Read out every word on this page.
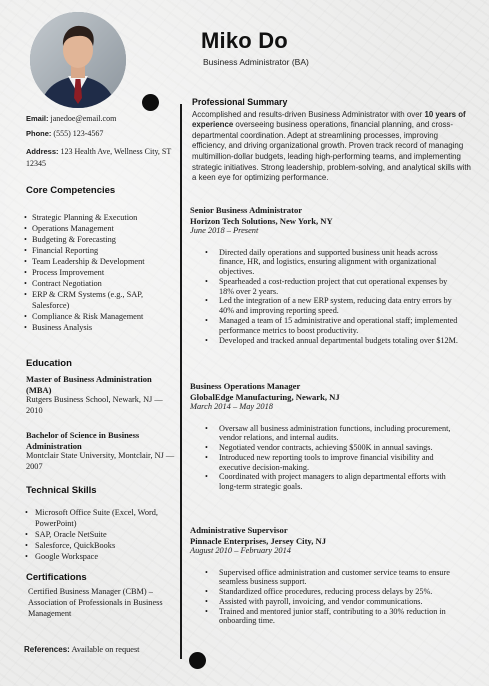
Miko Do
Business Administrator (BA)
Email: janedoe@email.com
Phone: (555) 123-4567
Address: 123 Health Ave, Wellness City, ST 12345
Core Competencies
• Strategic Planning & Execution
• Operations Management
• Budgeting & Forecasting
• Financial Reporting
• Team Leadership & Development
• Process Improvement
• Contract Negotiation
• ERP & CRM Systems (e.g., SAP, Salesforce)
• Compliance & Risk Management
• Business Analysis
Education
Master of Business Administration (MBA)
Rutgers Business School, Newark, NJ — 2010
Bachelor of Science in Business Administration
Montclair State University, Montclair, NJ — 2007
Technical Skills
• Microsoft Office Suite (Excel, Word, PowerPoint)
• SAP, Oracle NetSuite
• Salesforce, QuickBooks
• Google Workspace
Certifications
Certified Business Manager (CBM) – Association of Professionals in Business Management
References: Available on request
Professional Summary

Accomplished and results-driven Business Administrator with over 10 years of experience overseeing business operations, financial planning, and cross-departmental coordination. Adept at streamlining processes, improving efficiency, and driving organizational growth. Proven track record of managing multimillion-dollar budgets, leading high-performing teams, and implementing strategic initiatives. Strong leadership, problem-solving, and analytical skills with a keen eye for optimizing performance.

Senior Business Administrator
Horizon Tech Solutions, New York, NY
June 2018 – Present
• Directed daily operations and supported business unit heads across finance, HR, and logistics, ensuring alignment with organizational objectives.
• Spearheaded a cost-reduction project that cut operational expenses by 18% over 2 years.
• Led the integration of a new ERP system, reducing data entry errors by 40% and improving reporting speed.
• Managed a team of 15 administrative and operational staff; implemented performance metrics to boost productivity.
• Developed and tracked annual departmental budgets totaling over $12M.
Business Operations Manager
GlobalEdge Manufacturing, Newark, NJ
March 2014 – May 2018
• Oversaw all business administration functions, including procurement, vendor relations, and internal audits.
• Negotiated vendor contracts, achieving $500K in annual savings.
• Introduced new reporting tools to improve financial visibility and executive decision-making.
• Coordinated with project managers to align departmental efforts with long-term strategic goals.
Administrative Supervisor
Pinnacle Enterprises, Jersey City, NJ
August 2010 – February 2014
• Supervised office administration and customer service teams to ensure seamless business support.
• Standardized office procedures, reducing process delays by 25%.
• Assisted with payroll, invoicing, and vendor communications.
• Trained and mentored junior staff, contributing to a 30% reduction in onboarding time.
